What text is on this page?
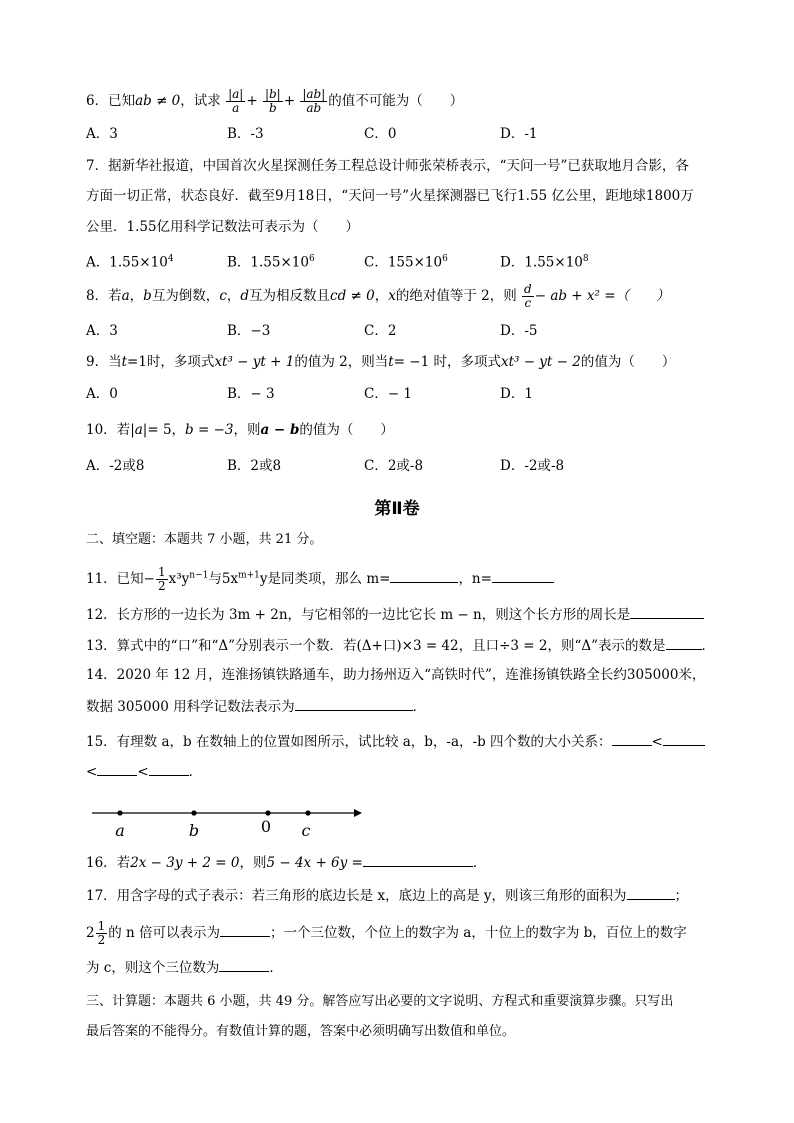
6．已知ab ≠ 0，试求 $\frac{|a|}{a} + \frac{|b|}{b} + \frac{|ab|}{ab}$ 的值不可能为（　　）
A．3	B．-3	C．0	D．-1
7．据新华社报道，中国首次火星探测任务工程总设计师张荣桥表示，“天问一号”已获取地月合影，各
方面一切正常，状态良好．截至9月18日，“天问一号”火星探测器已飞行1.55 亿公里，距地球1800万
公里．1.55亿用科学记数法可表示为（　　）
A．$1.55\times 10^4$	B．$1.55\times 10^6$	C．$155\times 10^6$	D．$1.55\times 10^8$
8．若a，b互为倒数，c，d互为相反数且cd ≠ 0，x的绝对值等于 2，则 $\frac{d}{c}$ − ab + x² =（　　）
A．3	B．−3	C．2	D．-5
9．当t=1时，多项式xt³ − yt + 1的值为 2，则当t= −1 时，多项式xt³ − yt − 2的值为（　　）
A．0	B．− 3	C．− 1	D．1
10．若|a|= 5，b = −3，则a − b的值为（　　）
A．-2或8	B．2或8	C．2或-8	D．-2或-8
第Ⅱ卷
二、填空题：本题共 7 小题，共 21 分。
11．已知− $\frac{1}{2} x^3y^{n-1}$与$5x^{m+1}y$是同类项，那么 m=	，n=
12．长方形的一边长为 3m + 2n，与它相邻的一边比它长 m − n，则这个长方形的周长是
13．算式中的“口”和“Δ”分别表示一个数．若(Δ+口)×3 = 42，且口÷3 = 2，则“Δ”表示的数是	．
14．2020 年 12 月，连淮扬镇铁路通车，助力扬州迈入“高铁时代”，连淮扬镇铁路全长约305000米，
数据 305000 用科学记数法表示为	．
15．有理数 a，b 在数轴上的位置如图所示，试比较 a，b，-a，-b 四个数的大小关系：	<
<	<	．
a	b	0 c
16．若2x − 3y + 2 = 0，则5 − 4x + 6y =	．
17．用含字母的式子表示：若三角形的底边长是 x，底边上的高是 y，则该三角形的面积为	；
$2 \frac{1}{2}$ 的 n 倍可以表示为	；一个三位数，个位上的数字为 a，十位上的数字为 b，百位上的数字
为 c，则这个三位数为	．
三、计算题：本题共 6 小题，共 49 分。解答应写出必要的文字说明、方程式和重要演算步骤。只写出
最后答案的不能得分。有数值计算的题，答案中必须明确写出数值和单位。
